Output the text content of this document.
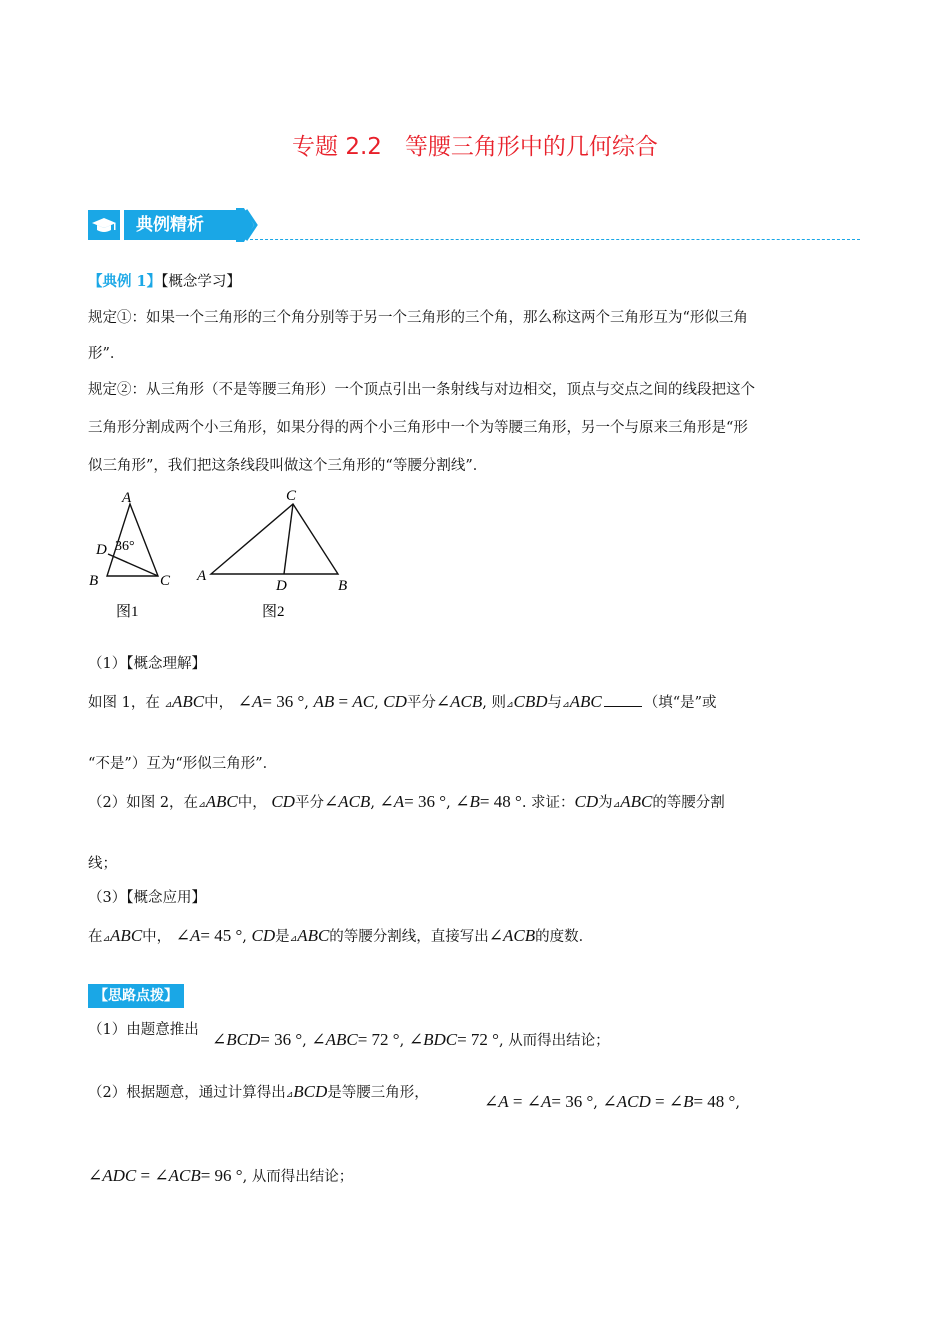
专题 2.2　等腰三角形中的几何综合
典例精析
【典例 1】【概念学习】
规定①：如果一个三角形的三个角分别等于另一个三角形的三个角，那么称这两个三角形互为“形似三角
形”．
规定②：从三角形（不是等腰三角形）一个顶点引出一条射线与对边相交，顶点与交点之间的线段把这个
三角形分割成两个小三角形，如果分得的两个小三角形中一个为等腰三角形，另一个与原来三角形是“形
似三角形”，我们把这条线段叫做这个三角形的“等腰分割线”．
A
D 36°
B	C
图1
C
A
D	B
图2
（1）【概念理解】
如图 1，在 ⊿ABC中， ∠A= 36 °, AB = AC, CD平分∠ACB, 则⊿CBD与⊿ABC	（填“是”或
“不是”）互为“形似三角形”．
（2）如图 2，在⊿ABC中， CD平分∠ACB, ∠A= 36 °, ∠B= 48 °. 求证：CD为⊿ABC的等腰分割
线；
（3）【概念应用】
在⊿ABC中， ∠A= 45 °, CD是⊿ABC的等腰分割线，直接写出∠ACB的度数．
【思路点拨】
（1）由题意推出 ∠BCD= 36 °, ∠ABC= 72 °, ∠BDC= 72 °, 从而得出结论；
（2）根据题意，通过计算得出⊿BCD是等腰三角形，	∠A = ∠A= 36 °, ∠ACD = ∠B= 48 °,
∠ADC = ∠ACB= 96 °, 从而得出结论；
